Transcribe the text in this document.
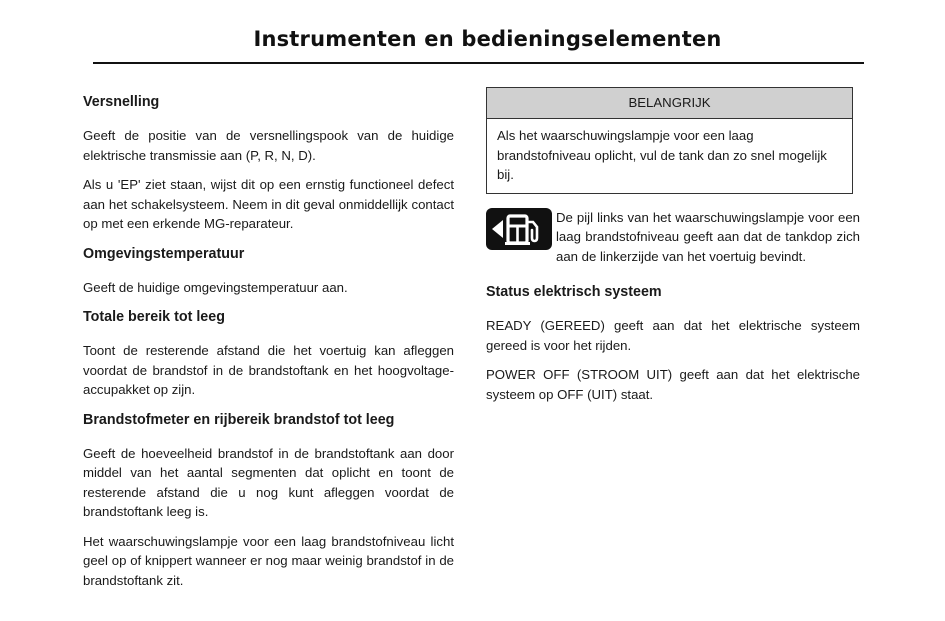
Instrumenten en bedieningselementen
Versnelling

Geeft de positie van de versnellingspook van de huidige elektrische transmissie aan (P, R, N, D).

Als u 'EP' ziet staan, wijst dit op een ernstig functioneel defect aan het schakelsysteem. Neem in dit geval onmiddellijk contact op met een erkende MG-reparateur.

Omgevingstemperatuur

Geeft de huidige omgevingstemperatuur aan.

Totale bereik tot leeg

Toont de resterende afstand die het voertuig kan afleggen voordat de brandstof in de brandstoftank en het hoogvoltage-accupakket op zijn.

Brandstofmeter en rijbereik brandstof tot leeg

Geeft de hoeveelheid brandstof in de brandstoftank aan door middel van het aantal segmenten dat oplicht en toont de resterende afstand die u nog kunt afleggen voordat de brandstoftank leeg is.

Het waarschuwingslampje voor een laag brandstofniveau licht geel op of knippert wanneer er nog maar weinig brandstof in de brandstoftank zit.

BELANGRIJK
Als het waarschuwingslampje voor een laag brandstofniveau oplicht, vul de tank dan zo snel mogelijk bij.

De pijl links van het waarschuwingslampje voor een laag brandstofniveau geeft aan dat de tankdop zich aan de linkerzijde van het voertuig bevindt.

Status elektrisch systeem

READY (GEREED) geeft aan dat het elektrische systeem gereed is voor het rijden.

POWER OFF (STROOM UIT) geeft aan dat het elektrische systeem op OFF (UIT) staat.
